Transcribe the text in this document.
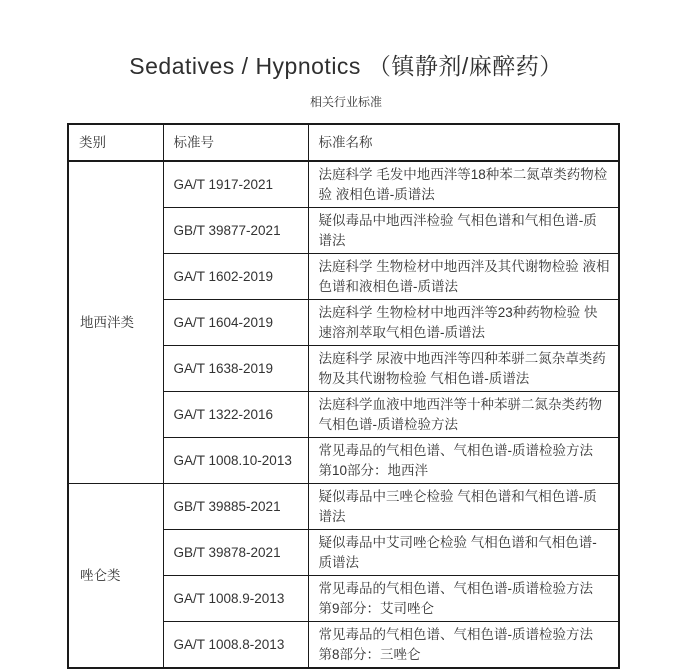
Sedatives / Hypnotics （镇静剂/麻醉药）
相关行业标准
类别	标准号	标准名称
地西泮类	GA/T 1917-2021	法庭科学 毛发中地西泮等18种苯二氮䓬类药物检验 液相色谱-质谱法
	GB/T 39877-2021	疑似毒品中地西泮检验 气相色谱和气相色谱-质谱法
	GA/T 1602-2019	法庭科学 生物检材中地西泮及其代谢物检验 液相色谱和液相色谱-质谱法
	GA/T 1604-2019	法庭科学 生物检材中地西泮等23种药物检验 快速溶剂萃取气相色谱-质谱法
	GA/T 1638-2019	法庭科学 尿液中地西泮等四种苯骈二氮杂䓬类药物及其代谢物检验 气相色谱-质谱法
	GA/T 1322-2016	法庭科学血液中地西泮等十种苯骈二氮杂类药物气相色谱-质谱检验方法
	GA/T 1008.10-2013	常见毒品的气相色谱、气相色谱-质谱检验方法 第10部分：地西泮
唑仑类	GB/T 39885-2021	疑似毒品中三唑仑检验 气相色谱和气相色谱-质谱法
	GB/T 39878-2021	疑似毒品中艾司唑仑检验 气相色谱和气相色谱-质谱法
	GA/T 1008.9-2013	常见毒品的气相色谱、气相色谱-质谱检验方法 第9部分：艾司唑仑
	GA/T 1008.8-2013	常见毒品的气相色谱、气相色谱-质谱检验方法 第8部分：三唑仑
